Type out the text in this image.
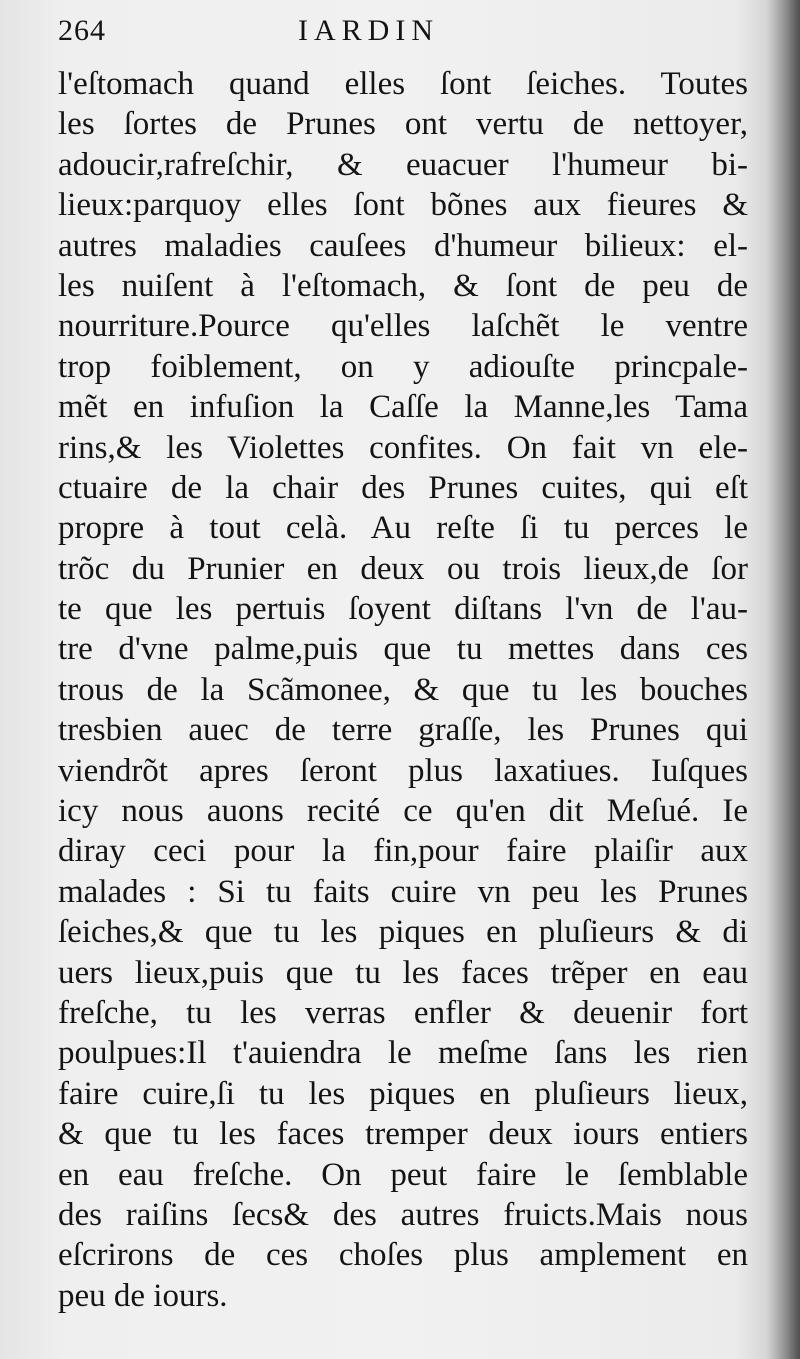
264	IARDIN
l'eſtomach quand elles ſont ſeiches. Toutes
les ſortes de Prunes ont vertu de nettoyer,
adoucir,rafreſchir, & euacuer l'humeur bi-
lieux:parquoy elles ſont bõnes aux fieures &
autres maladies cauſees d'humeur bilieux: el-
les nuiſent à l'eſtomach, & ſont de peu de
nourriture.Pource qu'elles laſchẽt le ventre
trop foiblement, on y adiouſte princpale-
mẽt en infuſion la Caſſe la Manne,les Tama
rins,& les Violettes confites. On fait vn ele-
ctuaire de la chair des Prunes cuites, qui eſt
propre à tout celà. Au reſte ſi tu perces le
trõc du Prunier en deux ou trois lieux,de ſor
te que les pertuis ſoyent diſtans l'vn de l'au-
tre d'vne palme,puis que tu mettes dans ces
trous de la Scãmonee, & que tu les bouches
tresbien auec de terre graſſe, les Prunes qui
viendrõt apres ſeront plus laxatiues. Iuſques
icy nous auons recité ce qu'en dit Meſué. Ie
diray ceci pour la fin,pour faire plaiſir aux
malades : Si tu faits cuire vn peu les Prunes
ſeiches,& que tu les piques en pluſieurs & di
uers lieux,puis que tu les faces trẽper en eau
freſche, tu les verras enfler & deuenir fort
poulpues:Il t'auiendra le meſme ſans les rien
faire cuire,ſi tu les piques en pluſieurs lieux,
& que tu les faces tremper deux iours entiers
en eau freſche. On peut faire le ſemblable
des raiſins ſecs& des autres fruicts.Mais nous
eſcrirons de ces choſes plus amplement en
peu de iours.
